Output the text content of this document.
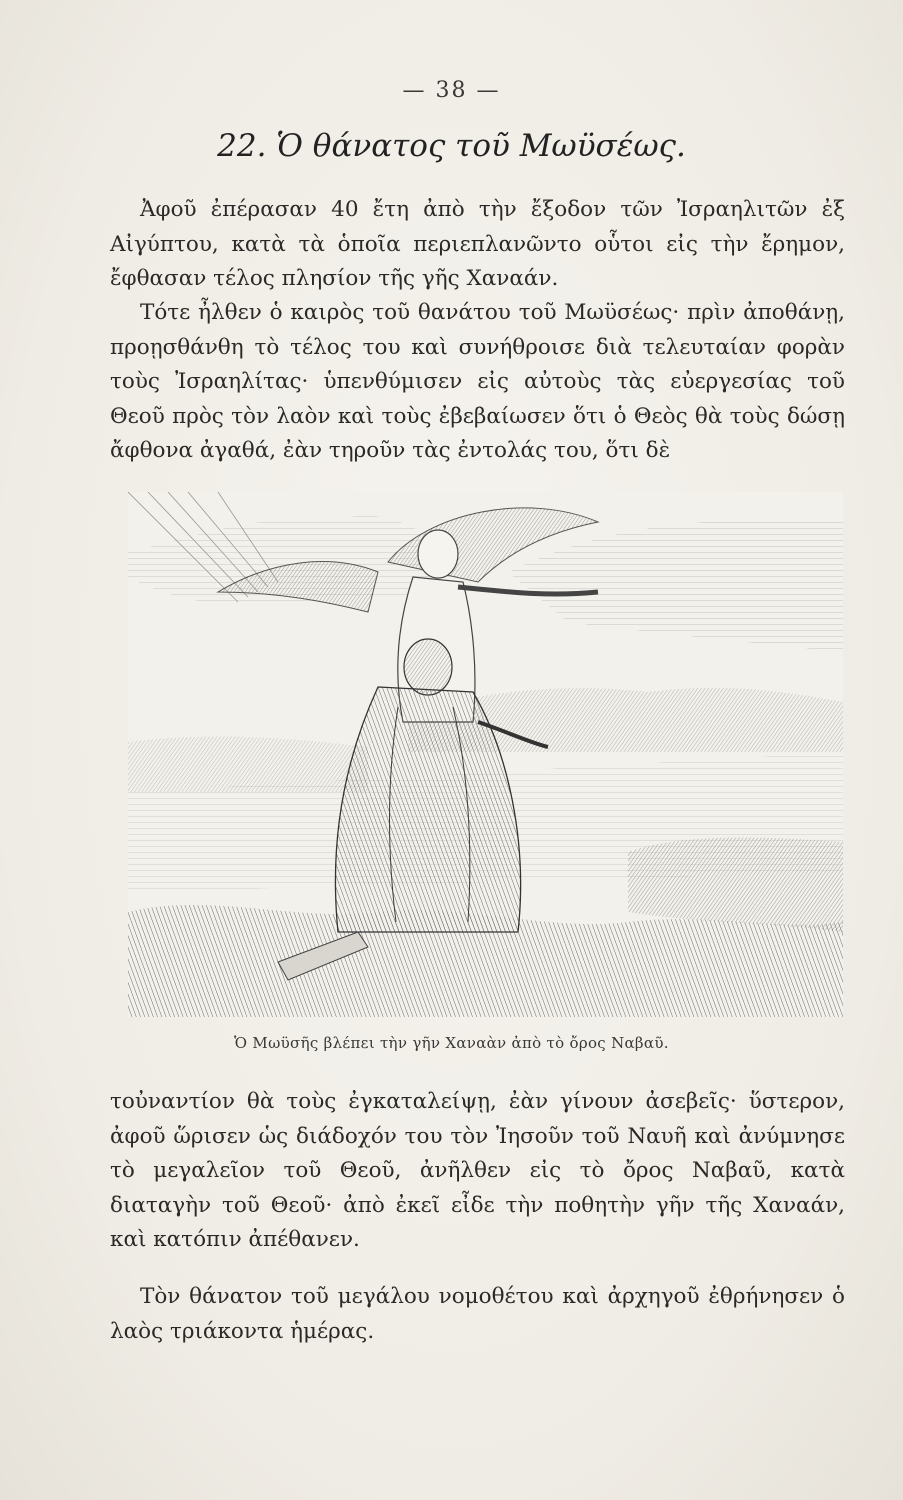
— 38 —
22. Ὁ θάνατος τοῦ Μωϋσέως.

Ἀφοῦ ἐπέρασαν 40 ἔτη ἀπὸ τὴν ἔξοδον τῶν Ἰσραηλιτῶν ἐξ Αἰγύπτου, κατὰ τὰ ὁποῖα περιεπλανῶντο οὗτοι εἰς τὴν ἔρημον, ἔφθασαν τέλος πλησίον τῆς γῆς Χαναάν.

Τότε ἦλθεν ὁ καιρὸς τοῦ θανάτου τοῦ Μωϋσέως· πρὶν ἀποθάνῃ, προῃσθάνθη τὸ τέλος του καὶ συνήθροισε διὰ τελευταίαν φορὰν τοὺς Ἰσραηλίτας· ὑπενθύμισεν εἰς αὐτοὺς τὰς εὐεργεσίας τοῦ Θεοῦ πρὸς τὸν λαὸν καὶ τοὺς ἐβεβαίωσεν ὅτι ὁ Θεὸς θὰ τοὺς δώσῃ ἄφθονα ἀγαθά, ἐὰν τηροῦν τὰς ἐντολάς του, ὅτι δὲ

Ὁ Μωϋσῆς βλέπει τὴν γῆν Χαναὰν ἀπὸ τὸ ὄρος Ναβαῦ.

τοὐναντίον θὰ τοὺς ἐγκαταλείψῃ, ἐὰν γίνουν ἀσεβεῖς· ὕστερον, ἀφοῦ ὥρισεν ὡς διάδοχόν του τὸν Ἰησοῦν τοῦ Ναυῆ καὶ ἀνύμνησε τὸ μεγαλεῖον τοῦ Θεοῦ, ἀνῆλθεν εἰς τὸ ὄρος Ναβαῦ, κατὰ διαταγὴν τοῦ Θεοῦ· ἀπὸ ἐκεῖ εἶδε τὴν ποθητὴν γῆν τῆς Χαναάν, καὶ κατόπιν ἀπέθανεν.

Τὸν θάνατον τοῦ μεγάλου νομοθέτου καὶ ἀρχηγοῦ ἐθρήνησεν ὁ λαὸς τριάκοντα ἡμέρας.
